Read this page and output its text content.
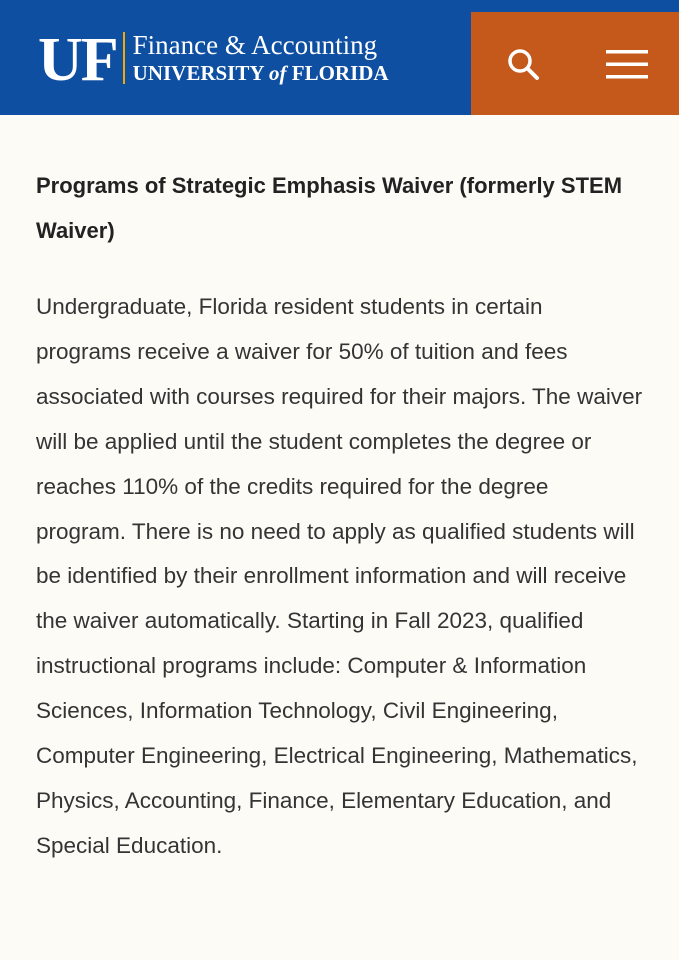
UF Finance & Accounting
UNIVERSITY of FLORIDA
Programs of Strategic Emphasis Waiver (formerly STEM Waiver)

Undergraduate, Florida resident students in certain programs receive a waiver for 50% of tuition and fees associated with courses required for their majors. The waiver will be applied until the student completes the degree or reaches 110% of the credits required for the degree program. There is no need to apply as qualified students will be identified by their enrollment information and will receive the waiver automatically. Starting in Fall 2023, qualified instructional programs include: Computer & Information Sciences, Information Technology, Civil Engineering, Computer Engineering, Electrical Engineering, Mathematics, Physics, Accounting, Finance, Elementary Education, and Special Education.
